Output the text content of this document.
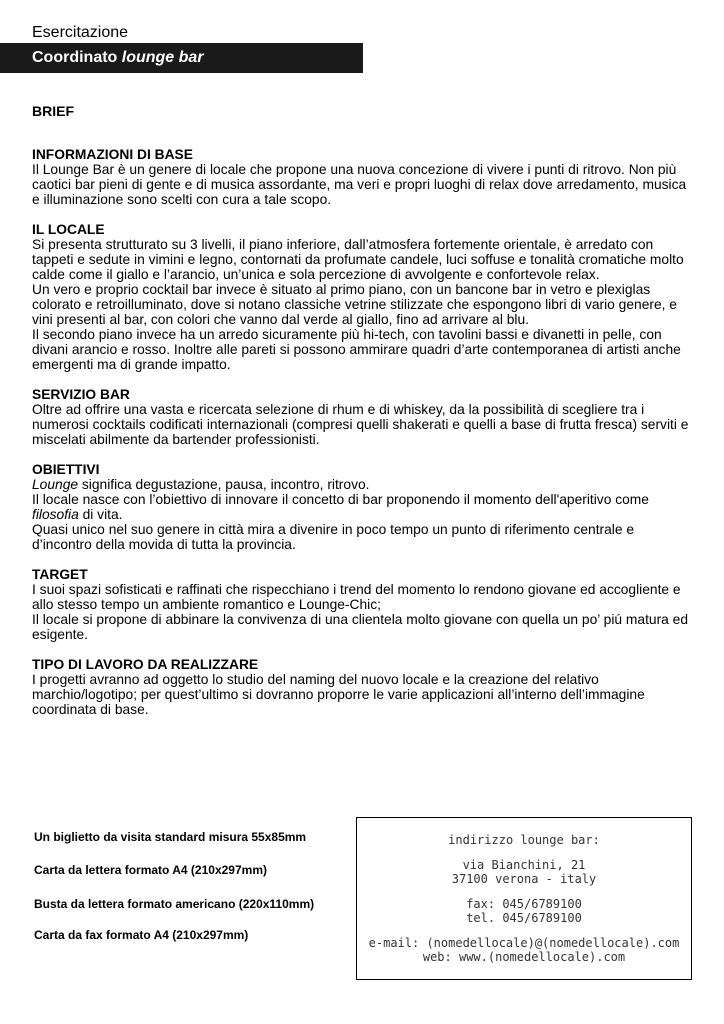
Esercitazione
Coordinato lounge bar
BRIEF
INFORMAZIONI DI BASE

Il Lounge Bar è un genere di locale che propone una nuova concezione di vivere i punti di ritrovo. Non più caotici bar pieni di gente e di musica assordante, ma veri e propri luoghi di relax dove arredamento, musica e illuminazione sono scelti con cura a tale scopo.

IL LOCALE

Si presenta strutturato su 3 livelli, il piano inferiore, dall’atmosfera fortemente orientale, è arredato con tappeti e sedute in vimini e legno, contornati da profumate candele, luci soffuse e tonalità cromatiche molto calde come il giallo e l’arancio, un’unica e sola percezione di avvolgente e confortevole relax.

Un vero e proprio cocktail bar invece è situato al primo piano, con un bancone bar in vetro e plexiglas colorato e retroilluminato, dove si notano classiche vetrine stilizzate che espongono libri di vario genere, e vini presenti al bar, con colori che vanno dal verde al giallo, fino ad arrivare al blu.

Il secondo piano invece ha un arredo sicuramente più hi-tech, con tavolini bassi e divanetti in pelle, con divani arancio e rosso. Inoltre alle pareti si possono ammirare quadri d’arte contemporanea di artisti anche emergenti ma di grande impatto.

SERVIZIO BAR

Oltre ad offrire una vasta e ricercata selezione di rhum e di whiskey, da la possibilità di scegliere tra i numerosi cocktails codificati internazionali (compresi quelli shakerati e quelli a base di frutta fresca) serviti e miscelati abilmente da bartender professionisti.

OBIETTIVI

Lounge significa degustazione, pausa, incontro, ritrovo.

Il locale nasce con l’obiettivo di innovare il concetto di bar proponendo il momento dell'aperitivo come filosofia di vita.

Quasi unico nel suo genere in città mira a divenire in poco tempo un punto di riferimento centrale e d’incontro della movida di tutta la provincia.

TARGET

I suoi spazi sofisticati e raffinati che rispecchiano i trend del momento lo rendono giovane ed accogliente e allo stesso tempo un ambiente romantico e Lounge-Chic;

Il locale si propone di abbinare la convivenza di una clientela molto giovane con quella un po’ piú matura ed esigente.

TIPO DI LAVORO DA REALIZZARE

I progetti avranno ad oggetto lo studio del naming del nuovo locale e la creazione del relativo marchio/logotipo; per quest’ultimo si dovranno proporre le varie applicazioni all’interno dell’immagine coordinata di base.

Un biglietto da visita standard misura 55x85mm
Carta da lettera formato A4 (210x297mm)
Busta da lettera formato americano (220x110mm)
Carta da fax formato A4 (210x297mm)
indirizzo lounge bar:
via Bianchini, 21
37100 verona - italy
fax: 045/6789100
tel. 045/6789100
e-mail: (nomedellocale)@(nomedellocale).com
web: www.(nomedellocale).com
